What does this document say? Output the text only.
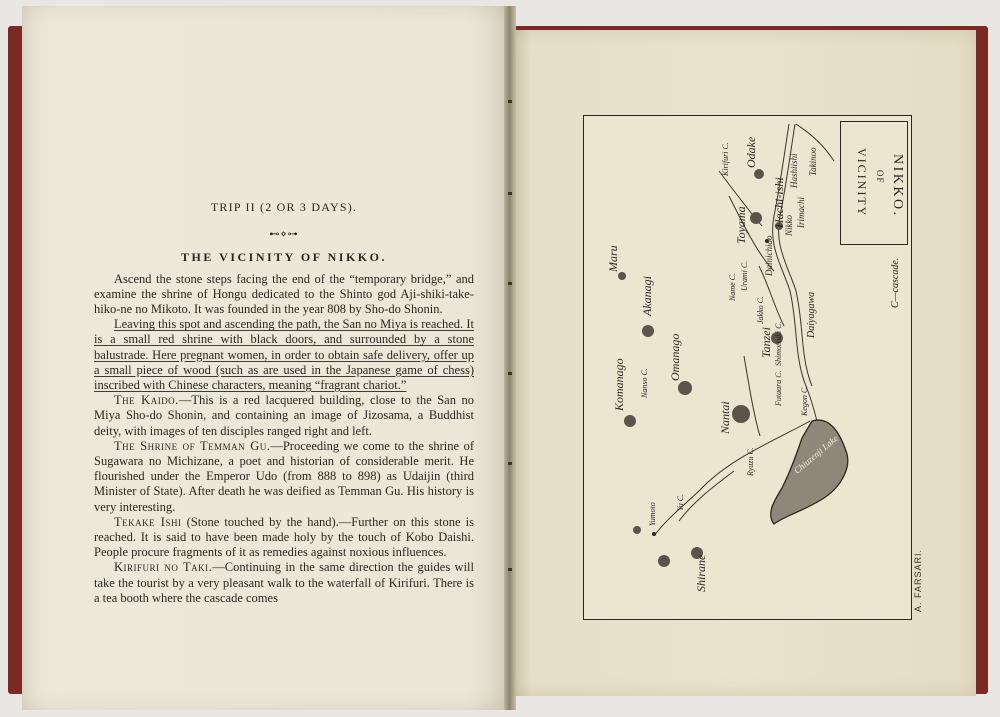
TRIP II (2 OR 3 DAYS).
⊷⋄⊶
THE VICINITY OF NIKKO.

Ascend the stone steps facing the end of the “temporary bridge,” and examine the shrine of Hongu dedicated to the Shinto god Aji-shiki-take-hiko-ne no Mikoto. It was founded in the year 808 by Sho-do Shonin.

Leaving this spot and ascending the path, the San no Miya is reached. It is a small red shrine with black doors, and surrounded by a stone balustrade. Here pregnant women, in order to obtain safe delivery, offer up a small piece of wood (such as are used in the Japanese game of chess) inscribed with Chinese characters, meaning “fragrant chariot.”

The Kaido.—This is a red lacquered building, close to the San no Miya Sho-do Shonin, and containing an image of Jizosama, a Buddhist deity, with images of ten disciples ranged right and left.

The Shrine of Temman Gu.—Proceeding we come to the shrine of Sugawara no Michizane, a poet and historian of considerable merit. He flourished under the Emperor Udo (from 888 to 898) as Udaijin (third Minister of State). After death he was deified as Temman Gu. His history is very interesting.

Tekake Ishi (Stone touched by the hand).—Further on this stone is reached. It is said to have been made holy by the touch of Kobo Daishi. People procure fragments of it as remedies against noxious influences.

Kirifuri no Taki.—Continuing in the same direction the guides will take the tourist by a very pleasant walk to the waterfall of Kirifuri. There is a tea booth where the cascade comes

VICINITY OF NIKKO.
C—cascade.
Maru
Akanagi
Omanago
Komanago Nanso C.
Nantai
Tanzei
Toyama
Odake
Kirifuri C.	Hashiishi Takinoo
Hachi-ishi
Nikko Irimachi
Dainichido
Name C. Urami C.
Jakko C.
Shimotsuki C.
Daiyagawa
Kegon C.
Futaara C.
Yumoto Yu C.
Shirane
Chiuzenji Lake
Ryuzu C.
A. FARSARI.
